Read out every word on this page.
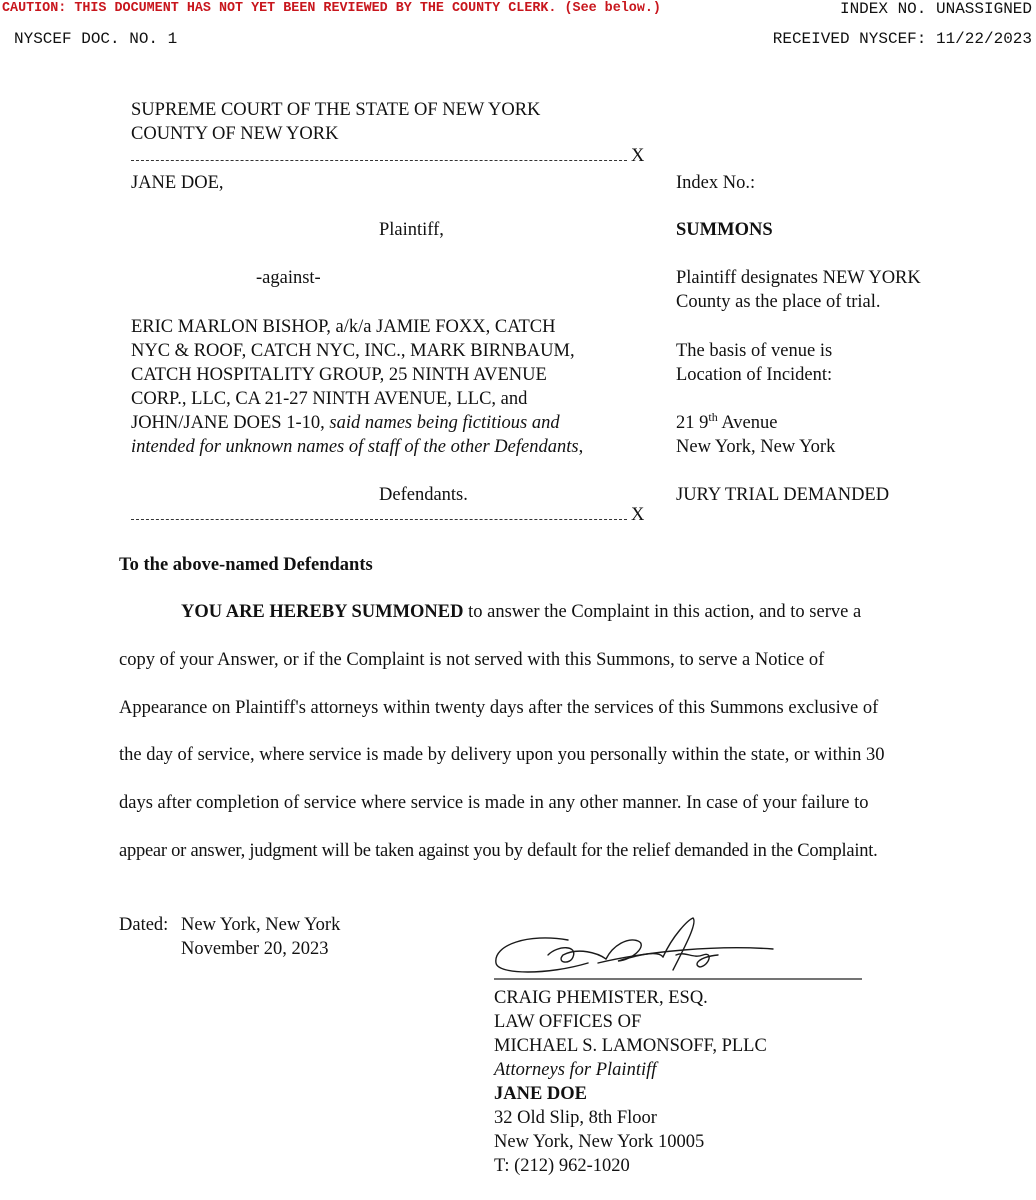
CAUTION: THIS DOCUMENT HAS NOT YET BEEN REVIEWED BY THE COUNTY CLERK. (See below.)	INDEX NO. UNASSIGNED
NYSCEF DOC. NO. 1	RECEIVED NYSCEF: 11/22/2023
SUPREME COURT OF THE STATE OF NEW YORK
COUNTY OF NEW YORK
X
JANE DOE,
Plaintiff,
-against-
ERIC MARLON BISHOP, a/k/a JAMIE FOXX, CATCH
NYC & ROOF, CATCH NYC, INC., MARK BIRNBAUM,
CATCH HOSPITALITY GROUP, 25 NINTH AVENUE
CORP., LLC, CA 21-27 NINTH AVENUE, LLC, and
JOHN/JANE DOES 1-10, said names being fictitious and
intended for unknown names of staff of the other Defendants,
Defendants.
X
Index No.:
SUMMONS
Plaintiff designates NEW YORK
County as the place of trial.
The basis of venue is
Location of Incident:
21 9th Avenue
New York, New York
JURY TRIAL DEMANDED
To the above-named Defendants
YOU ARE HEREBY SUMMONED to answer the Complaint in this action, and to serve a
copy of your Answer, or if the Complaint is not served with this Summons, to serve a Notice of
Appearance on Plaintiff's attorneys within twenty days after the services of this Summons exclusive of
the day of service, where service is made by delivery upon you personally within the state, or within 30
days after completion of service where service is made in any other manner. In case of your failure to
appear or answer, judgment will be taken against you by default for the relief demanded in the Complaint.
Dated: New York, New York
November 20, 2023
CRAIG PHEMISTER, ESQ.
LAW OFFICES OF
MICHAEL S. LAMONSOFF, PLLC
Attorneys for Plaintiff
JANE DOE
32 Old Slip, 8th Floor
New York, New York 10005
T: (212) 962-1020
